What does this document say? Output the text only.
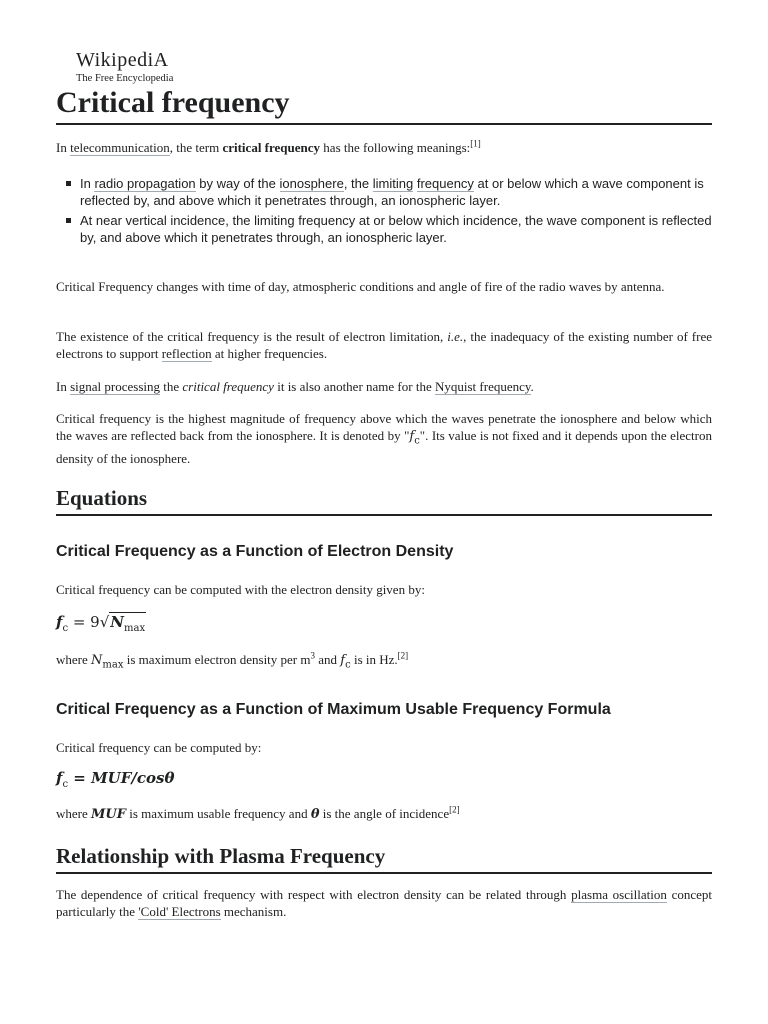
WikipediA
The Free Encyclopedia
Critical frequency

In telecommunication, the term critical frequency has the following meanings:[1]

In radio propagation by way of the ionosphere, the limiting frequency at or below which a wave component is reflected by, and above which it penetrates through, an ionospheric layer.
At near vertical incidence, the limiting frequency at or below which incidence, the wave component is reflected by, and above which it penetrates through, an ionospheric layer.

Critical Frequency changes with time of day, atmospheric conditions and angle of fire of the radio waves by antenna.

The existence of the critical frequency is the result of electron limitation, i.e., the inadequacy of the existing number of free electrons to support reflection at higher frequencies.

In signal processing the critical frequency it is also another name for the Nyquist frequency.

Critical frequency is the highest magnitude of frequency above which the waves penetrate the ionosphere and below which the waves are reflected back from the ionosphere. It is denoted by "$f_c$". Its value is not fixed and it depends upon the electron density of the ionosphere.

Equations
Critical Frequency as a Function of Electron Density

Critical frequency can be computed with the electron density given by:

$f_c = 9√N_{max}$

where $N_{max}$ is maximum electron density per $m^3$ and $f_c$ is in Hz.[2]

Critical Frequency as a Function of Maximum Usable Frequency Formula

Critical frequency can be computed by:

$f_c = MUF/\cos\theta$

where MUF is maximum usable frequency and θ is the angle of incidence[2]

Relationship with Plasma Frequency

The dependence of critical frequency with respect with electron density can be related through plasma oscillation concept particularly the 'Cold' Electrons mechanism.
